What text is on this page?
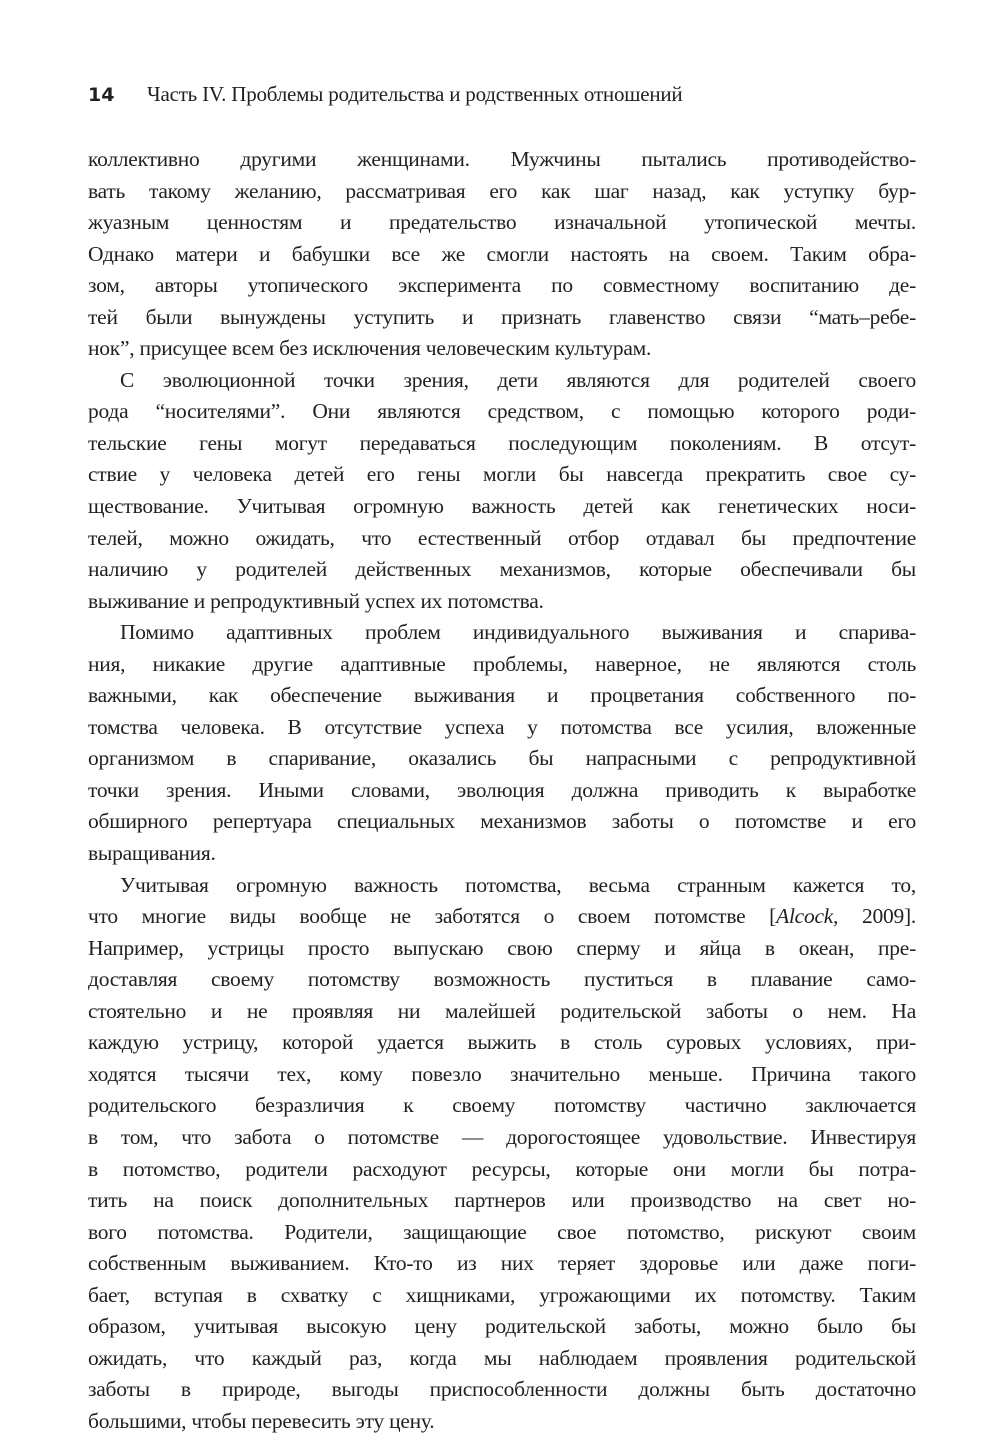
14	Часть IV. Проблемы родительства и родственных отношений
коллективно другими женщинами. Мужчины пытались противодейство-
вать такому желанию, рассматривая его как шаг назад, как уступку бур-
жуазным ценностям и предательство изначальной утопической мечты.
Однако матери и бабушки все же смогли настоять на своем. Таким обра-
зом, авторы утопического эксперимента по совместному воспитанию де-
тей были вынуждены уступить и признать главенство связи “мать–ребе-
нок”, присущее всем без исключения человеческим культурам.
С эволюционной точки зрения, дети являются для родителей своего
рода “носителями”. Они являются средством, с помощью которого роди-
тельские гены могут передаваться последующим поколениям. В отсут-
ствие у человека детей его гены могли бы навсегда прекратить свое су-
ществование. Учитывая огромную важность детей как генетических носи-
телей, можно ожидать, что естественный отбор отдавал бы предпочтение
наличию у родителей действенных механизмов, которые обеспечивали бы
выживание и репродуктивный успех их потомства.
Помимо адаптивных проблем индивидуального выживания и спарива-
ния, никакие другие адаптивные проблемы, наверное, не являются столь
важными, как обеспечение выживания и процветания собственного по-
томства человека. В отсутствие успеха у потомства все усилия, вложенные
организмом в спаривание, оказались бы напрасными с репродуктивной
точки зрения. Иными словами, эволюция должна приводить к выработке
обширного репертуара специальных механизмов заботы о потомстве и его
выращивания.
Учитывая огромную важность потомства, весьма странным кажется то,
что многие виды вообще не заботятся о своем потомстве [Alcock, 2009].
Например, устрицы просто выпускаю свою сперму и яйца в океан, пре-
доставляя своему потомству возможность пуститься в плавание само-
стоятельно и не проявляя ни малейшей родительской заботы о нем. На
каждую устрицу, которой удается выжить в столь суровых условиях, при-
ходятся тысячи тех, кому повезло значительно меньше. Причина такого
родительского безразличия к своему потомству частично заключается
в том, что забота о потомстве — дорогостоящее удовольствие. Инвестируя
в потомство, родители расходуют ресурсы, которые они могли бы потра-
тить на поиск дополнительных партнеров или производство на свет но-
вого потомства. Родители, защищающие свое потомство, рискуют своим
собственным выживанием. Кто-то из них теряет здоровье или даже поги-
бает, вступая в схватку с хищниками, угрожающими их потомству. Таким
образом, учитывая высокую цену родительской заботы, можно было бы
ожидать, что каждый раз, когда мы наблюдаем проявления родительской
заботы в природе, выгоды приспособленности должны быть достаточно
большими, чтобы перевесить эту цену.
